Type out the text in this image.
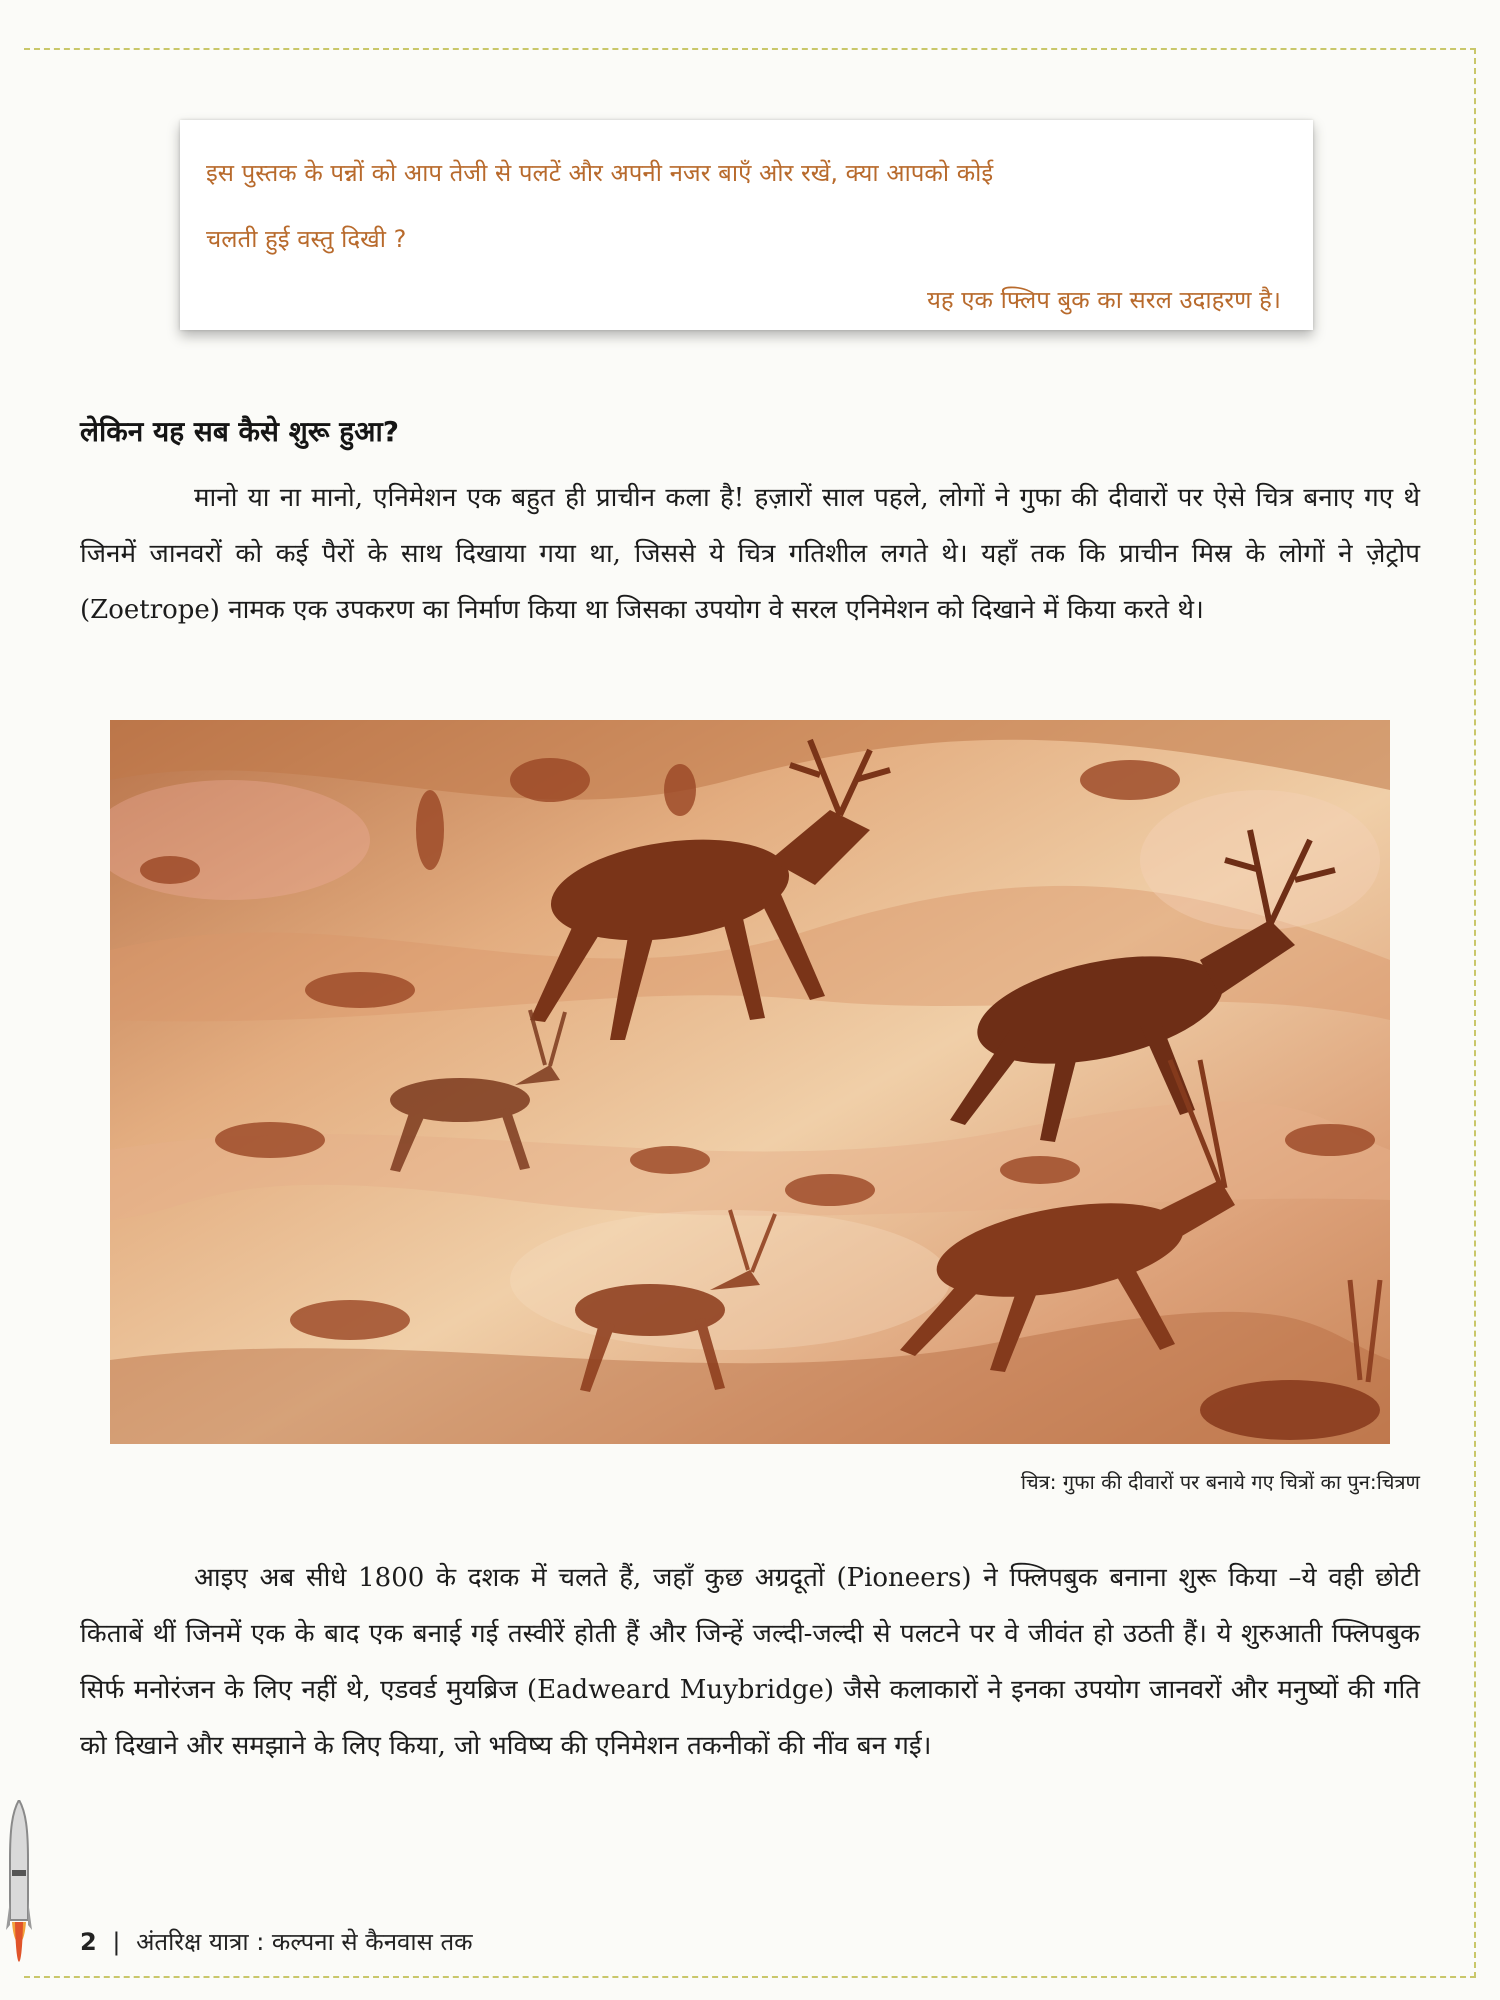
इस पुस्तक के पन्नों को आप तेजी से पलटें और अपनी नजर बाएँ ओर रखें, क्या आपको कोई

चलती हुई वस्तु दिखी ?

यह एक फ्लिप बुक का सरल उदाहरण है।

लेकिन यह सब कैसे शुरू हुआ?

मानो या ना मानो, एनिमेशन एक बहुत ही प्राचीन कला है! हज़ारों साल पहले, लोगों ने गुफा की दीवारों पर ऐसे चित्र बनाए गए थे जिनमें जानवरों को कई पैरों के साथ दिखाया गया था, जिससे ये चित्र गतिशील लगते थे। यहाँ तक कि प्राचीन मिस्र के लोगों ने ज़ेट्रोप (Zoetrope) नामक एक उपकरण का निर्माण किया था जिसका उपयोग वे सरल एनिमेशन को दिखाने में किया करते थे।

चित्र: गुफा की दीवारों पर बनाये गए चित्रों का पुन:चित्रण

आइए अब सीधे 1800 के दशक में चलते हैं, जहाँ कुछ अग्रदूतों (Pioneers) ने फ्लिपबुक बनाना शुरू किया –ये वही छोटी किताबें थीं जिनमें एक के बाद एक बनाई गई तस्वीरें होती हैं और जिन्हें जल्दी-जल्दी से पलटने पर वे जीवंत हो उठती हैं। ये शुरुआती फ्लिपबुक सिर्फ मनोरंजन के लिए नहीं थे, एडवर्ड मुयब्रिज (Eadweard Muybridge) जैसे कलाकारों ने इनका उपयोग जानवरों और मनुष्यों की गति को दिखाने और समझाने के लिए किया, जो भविष्य की एनिमेशन तकनीकों की नींव बन गई।

2 | अंतरिक्ष यात्रा : कल्पना से कैनवास तक
